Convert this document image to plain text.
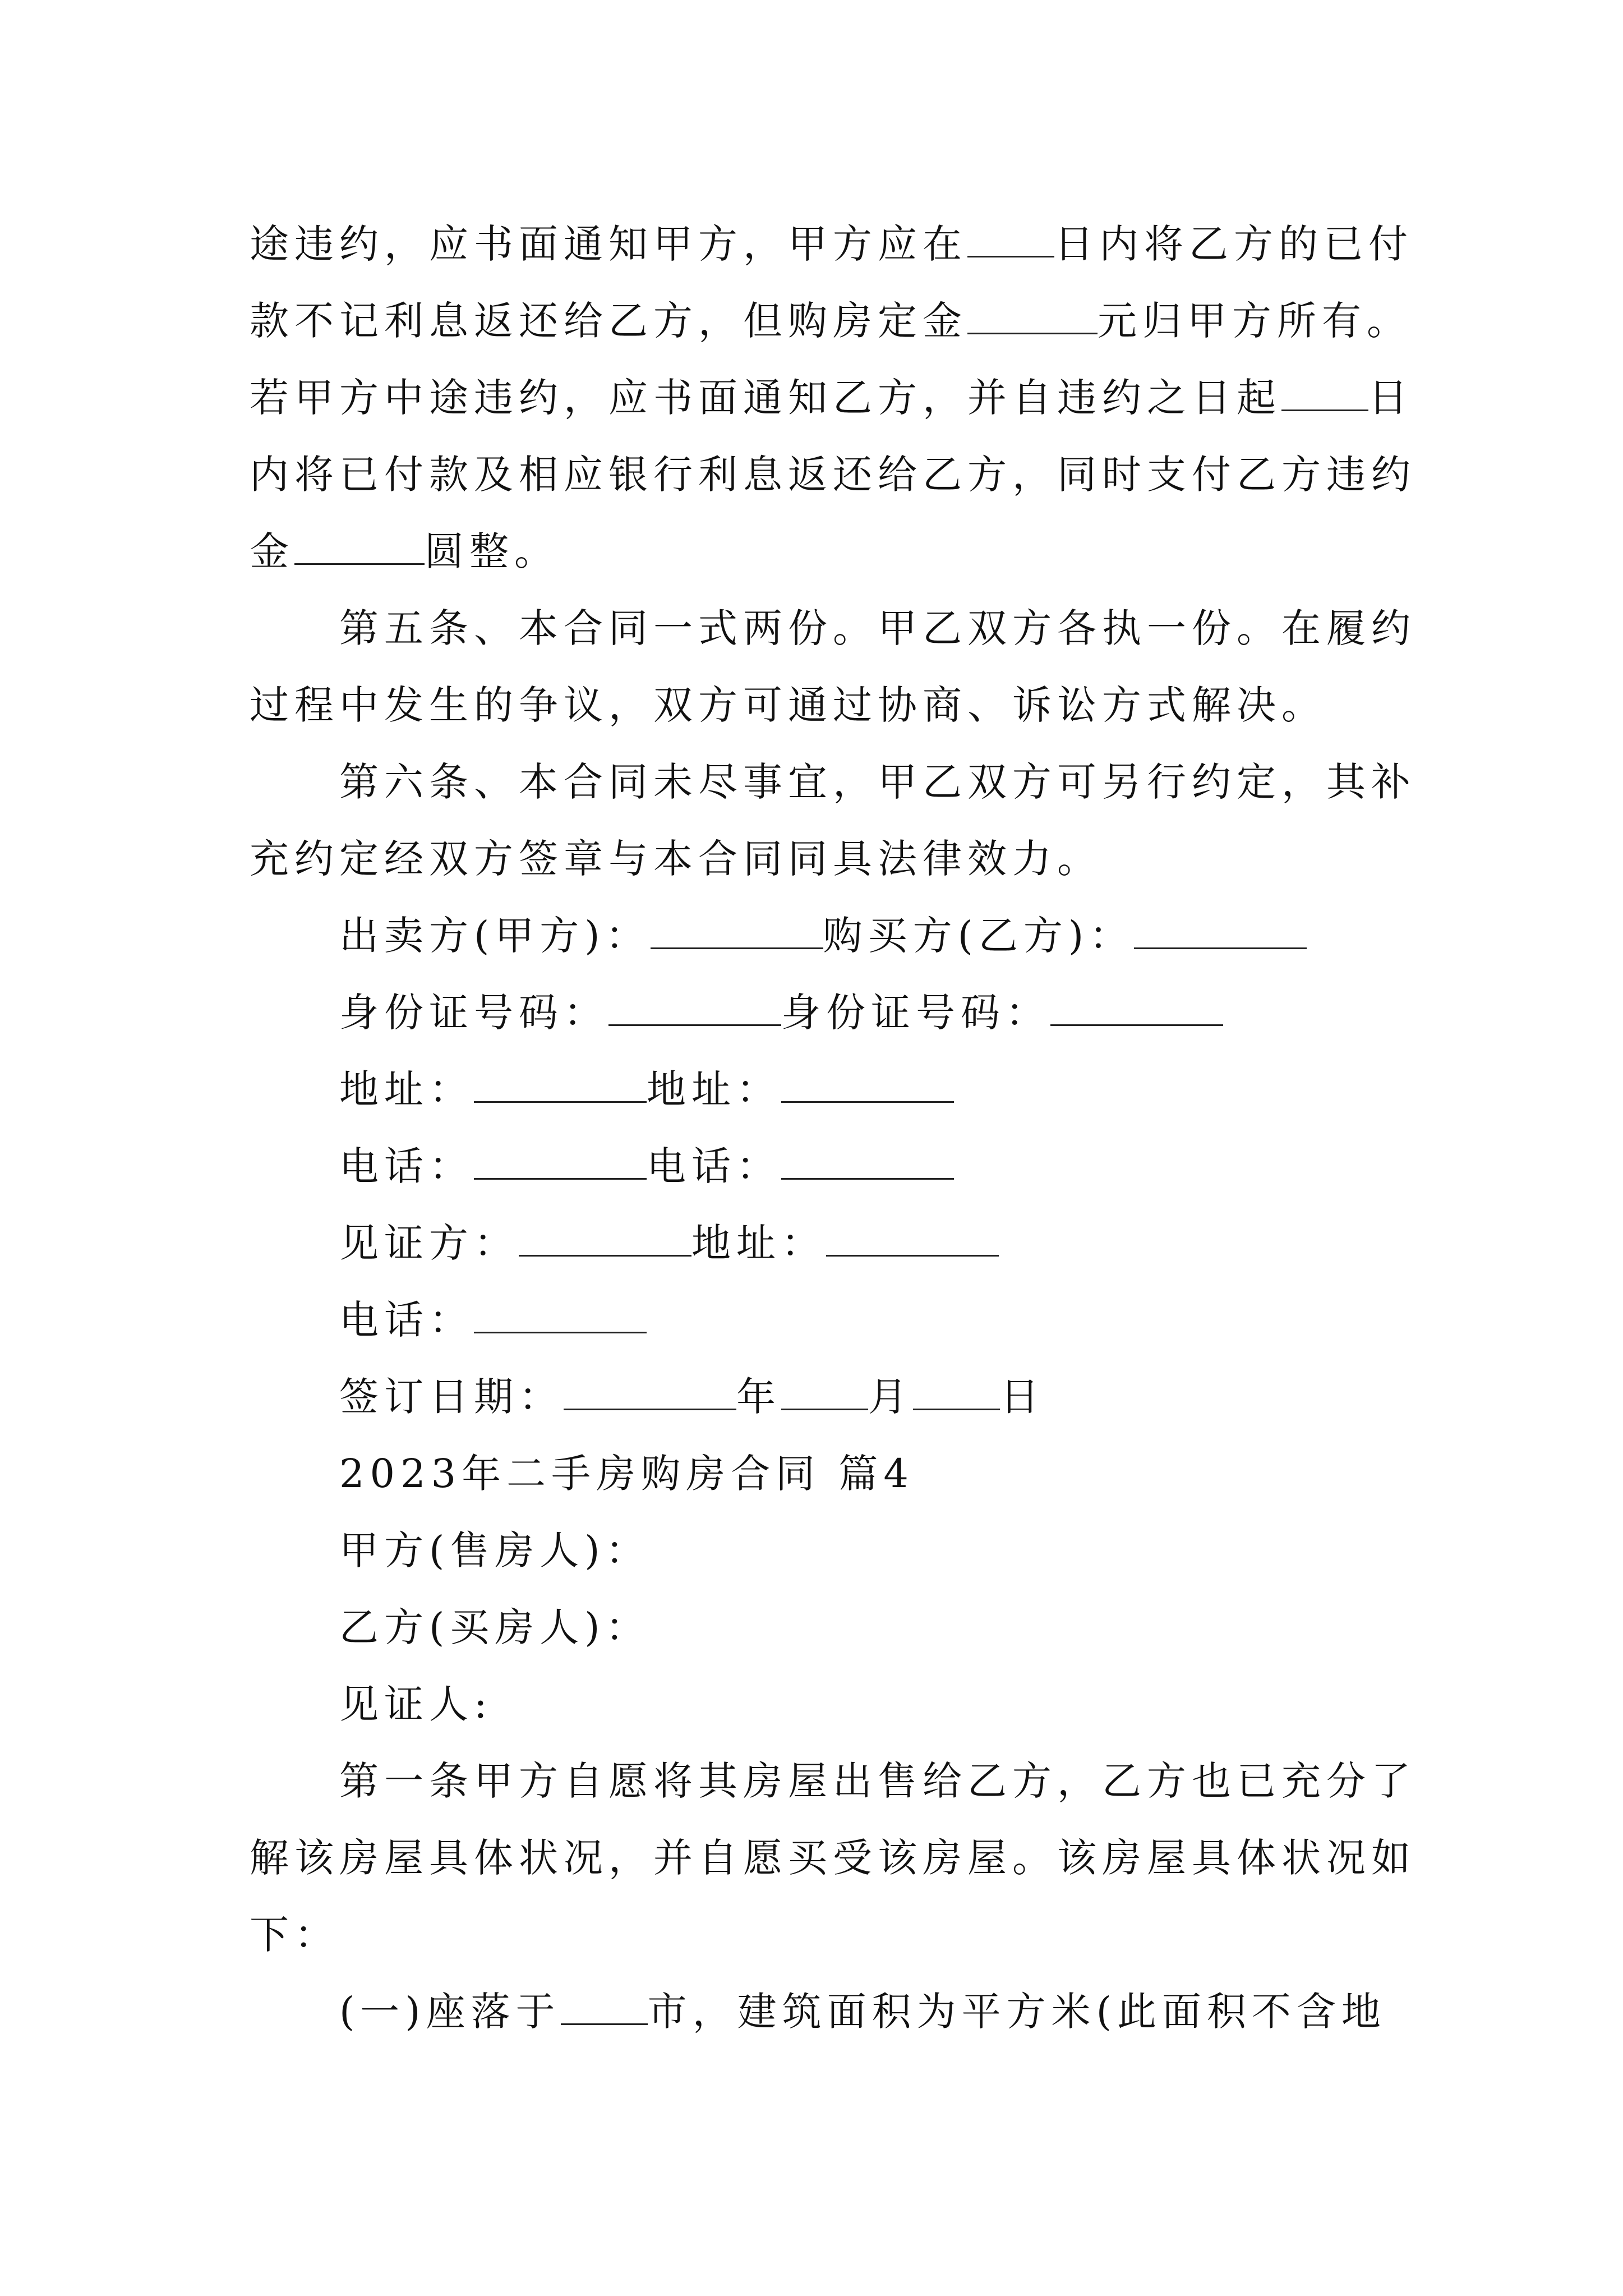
途违约，应书面通知甲方，甲方应在 日内将乙方的已付
款不记利息返还给乙方，但购房定金	元归甲方所有。
若甲方中途违约，应书面通知乙方，并自违约之日起 日
内将已付款及相应银行利息返还给乙方，同时支付乙方违约
金	圆整。
第五条、本合同一式两份。甲乙双方各执一份。在履约
过程中发生的争议，双方可通过协商、诉讼方式解决。
第六条、本合同未尽事宜，甲乙双方可另行约定，其补
充约定经双方签章与本合同同具法律效力。
出卖方(甲方)：	购买方(乙方)：
身份证号码：	身份证号码：
地址：	地址：
电话：	电话：
见证方：	地址：
电话：
签订日期：	年 月 日
2023年二手房购房合同 篇4
甲方(售房人)：
乙方(买房人)：
见证人:
第一条甲方自愿将其房屋出售给乙方，乙方也已充分了
解该房屋具体状况，并自愿买受该房屋。该房屋具体状况如
下：
(一)座落于 市，建筑面积为平方米(此面积不含地
